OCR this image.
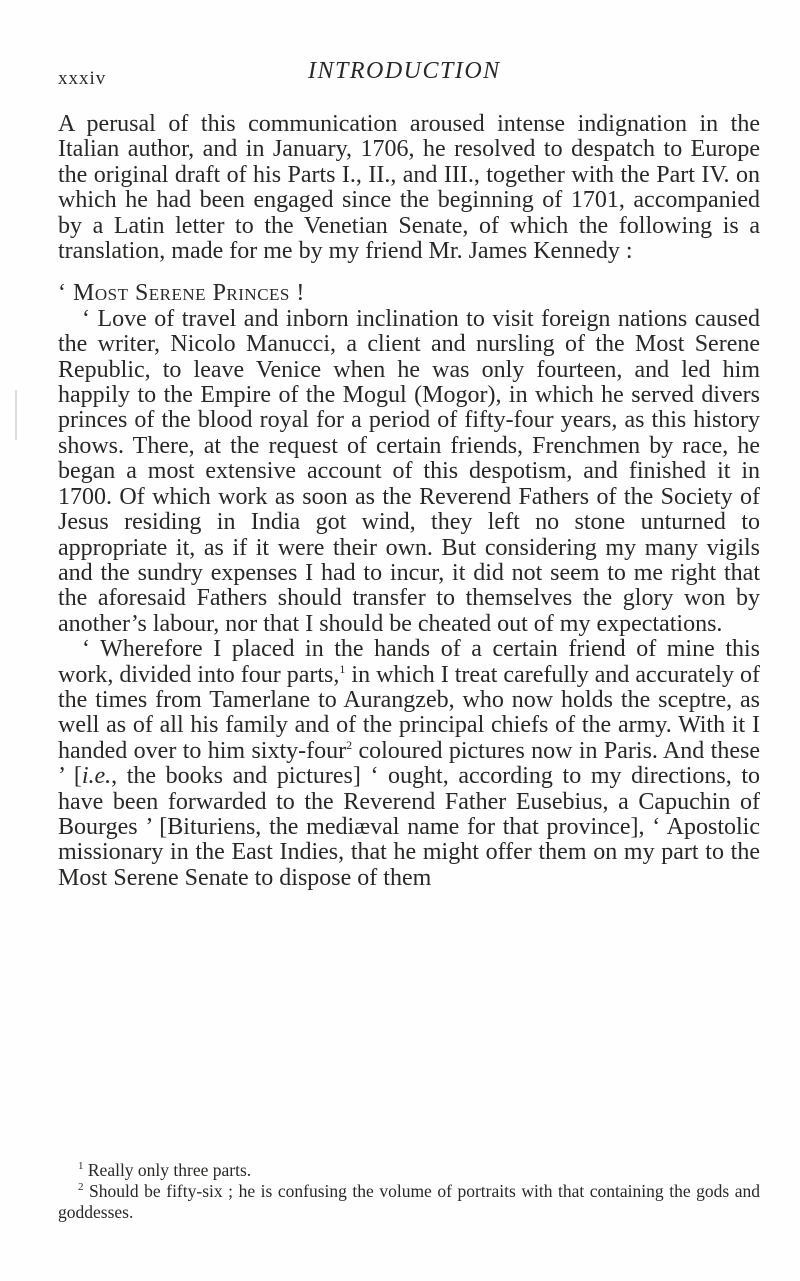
xxxiv	INTRODUCTION

A perusal of this communication aroused intense indignation in the Italian author, and in January, 1706, he resolved to despatch to Europe the original draft of his Parts I., II., and III., together with the Part IV. on which he had been engaged since the beginning of 1701, accompanied by a Latin letter to the Venetian Senate, of which the following is a translation, made for me by my friend Mr. James Kennedy :

‘ Most Serene Princes !

‘ Love of travel and inborn inclination to visit foreign nations caused the writer, Nicolo Manucci, a client and nursling of the Most Serene Republic, to leave Venice when he was only fourteen, and led him happily to the Empire of the Mogul (Mogor), in which he served divers princes of the blood royal for a period of fifty-four years, as this history shows. There, at the request of certain friends, Frenchmen by race, he began a most extensive account of this despotism, and finished it in 1700. Of which work as soon as the Reverend Fathers of the Society of Jesus residing in India got wind, they left no stone unturned to appropriate it, as if it were their own. But considering my many vigils and the sundry expenses I had to incur, it did not seem to me right that the aforesaid Fathers should transfer to themselves the glory won by another’s labour, nor that I should be cheated out of my expectations.

‘ Wherefore I placed in the hands of a certain friend of mine this work, divided into four parts,$^1$ in which I treat carefully and accurately of the times from Tamerlane to Aurangzeb, who now holds the sceptre, as well as of all his family and of the principal chiefs of the army. With it I handed over to him sixty-four$^2$ coloured pictures now in Paris. And these ’ [i.e., the books and pictures] ‘ ought, according to my directions, to have been forwarded to the Reverend Father Eusebius, a Capuchin of Bourges ’ [Bituriens, the mediæval name for that province], ‘ Apostolic missionary in the East Indies, that he might offer them on my part to the Most Serene Senate to dispose of them

$^1$ Really only three parts.

$^2$ Should be fifty-six ; he is confusing the volume of portraits with that containing the gods and goddesses.
